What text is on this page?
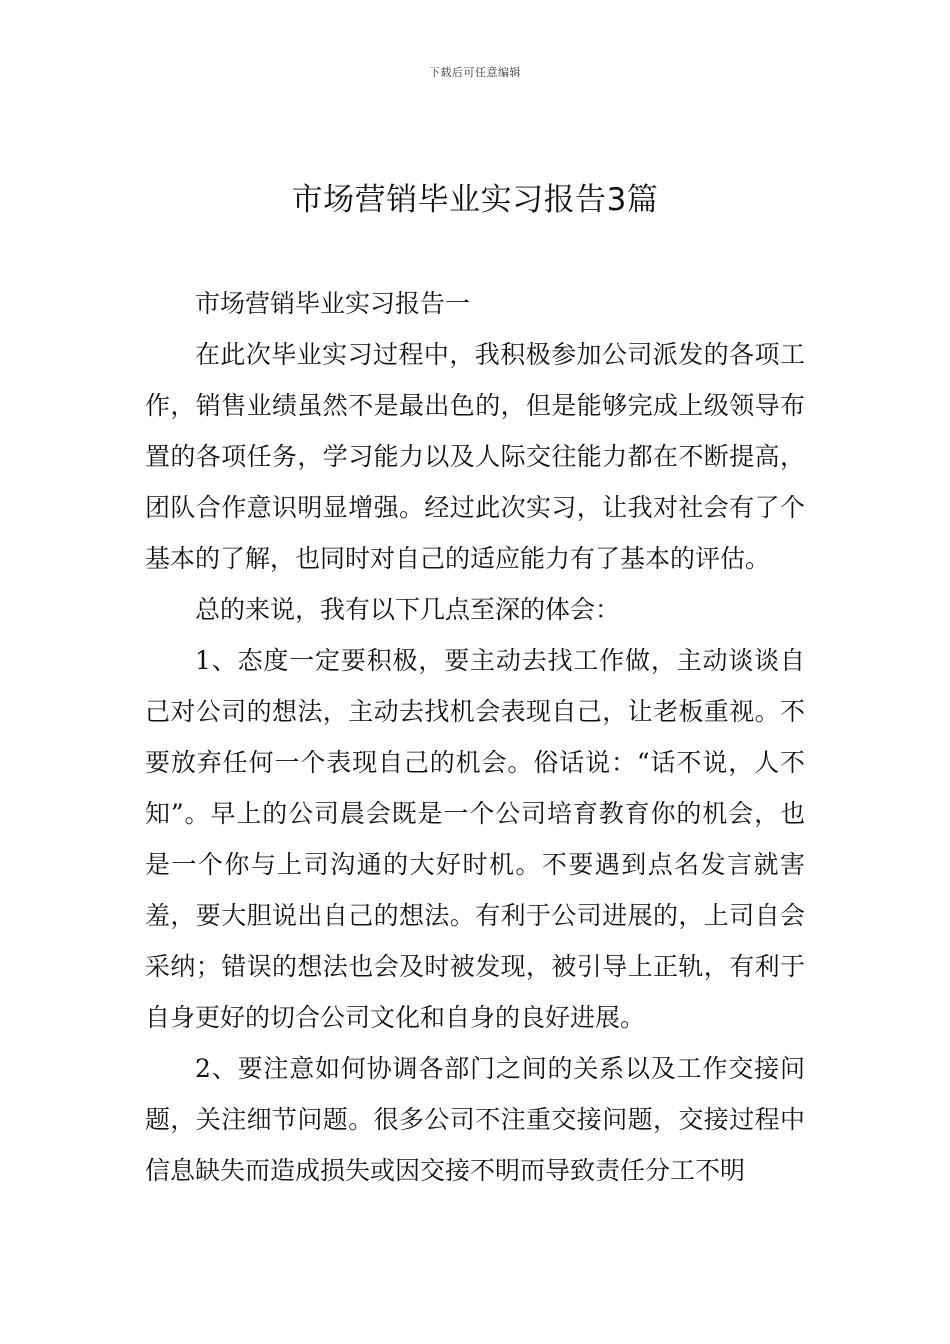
下载后可任意编辑
市场营销毕业实习报告3篇

市场营销毕业实习报告一

在此次毕业实习过程中，我积极参加公司派发的各项工作，销售业绩虽然不是最出色的，但是能够完成上级领导布置的各项任务，学习能力以及人际交往能力都在不断提高，团队合作意识明显增强。经过此次实习，让我对社会有了个基本的了解，也同时对自己的适应能力有了基本的评估。

总的来说，我有以下几点至深的体会：

1、态度一定要积极，要主动去找工作做，主动谈谈自己对公司的想法，主动去找机会表现自己，让老板重视。不要放弃任何一个表现自己的机会。俗话说：“话不说，人不知”。早上的公司晨会既是一个公司培育教育你的机会，也是一个你与上司沟通的大好时机。不要遇到点名发言就害羞，要大胆说出自己的想法。有利于公司进展的，上司自会采纳；错误的想法也会及时被发现，被引导上正轨，有利于自身更好的切合公司文化和自身的良好进展。

2、要注意如何协调各部门之间的关系以及工作交接问题，关注细节问题。很多公司不注重交接问题，交接过程中信息缺失而造成损失或因交接不明而导致责任分工不明
